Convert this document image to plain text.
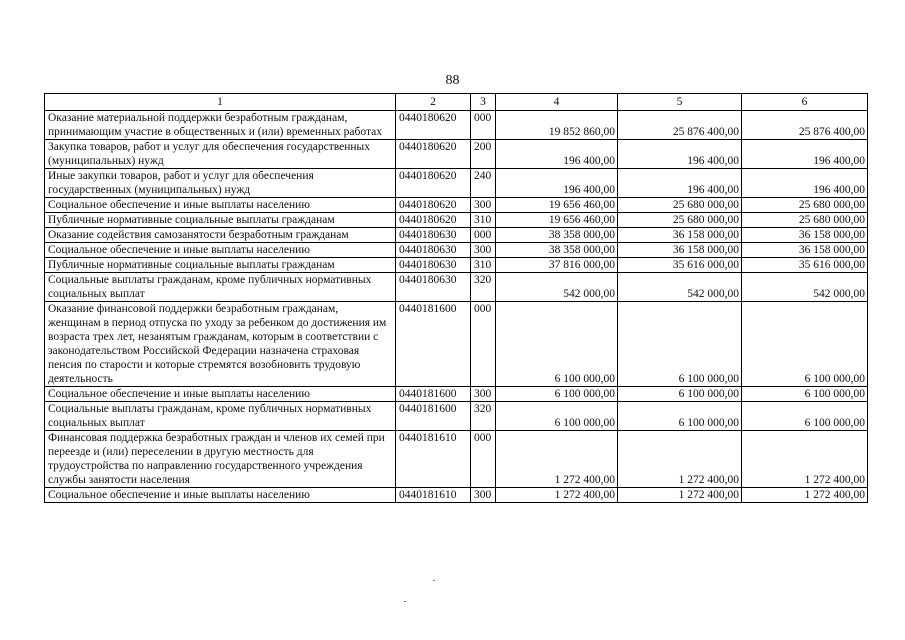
88
1	2	3	4	5	6
Оказание материальной поддержки безработным гражданам, принимающим участие в общественных и (или) временных работах	0440180620	000	19 852 860,00	25 876 400,00	25 876 400,00
Закупка товаров, работ и услуг для обеспечения государственных (муниципальных) нужд	0440180620	200	196 400,00	196 400,00	196 400,00
Иные закупки товаров, работ и услуг для обеспечения государственных (муниципальных) нужд	0440180620	240	196 400,00	196 400,00	196 400,00
Социальное обеспечение и иные выплаты населению	0440180620	300	19 656 460,00	25 680 000,00	25 680 000,00
Публичные нормативные социальные выплаты гражданам	0440180620	310	19 656 460,00	25 680 000,00	25 680 000,00
Оказание содействия самозанятости безработным гражданам	0440180630	000	38 358 000,00	36 158 000,00	36 158 000,00
Социальное обеспечение и иные выплаты населению	0440180630	300	38 358 000,00	36 158 000,00	36 158 000,00
Публичные нормативные социальные выплаты гражданам	0440180630	310	37 816 000,00	35 616 000,00	35 616 000,00
Социальные выплаты гражданам, кроме публичных нормативных социальных выплат	0440180630	320	542 000,00	542 000,00	542 000,00
Оказание финансовой поддержки безработным гражданам, женщинам в период отпуска по уходу за ребенком до достижения им возраста трех лет, незанятым гражданам, которым в соответствии с законодательством Российской Федерации назначена страховая пенсия по старости и которые стремятся возобновить трудовую деятельность	0440181600	000	6 100 000,00	6 100 000,00	6 100 000,00
Социальное обеспечение и иные выплаты населению	0440181600	300	6 100 000,00	6 100 000,00	6 100 000,00
Социальные выплаты гражданам, кроме публичных нормативных социальных выплат	0440181600	320	6 100 000,00	6 100 000,00	6 100 000,00
Финансовая поддержка безработных граждан и членов их семей при переезде и (или) переселении в другую местность для трудоустройства по направлению государственного учреждения службы занятости населения	0440181610	000	1 272 400,00	1 272 400,00	1 272 400,00
Социальное обеспечение и иные выплаты населению	0440181610	300	1 272 400,00	1 272 400,00	1 272 400,00
